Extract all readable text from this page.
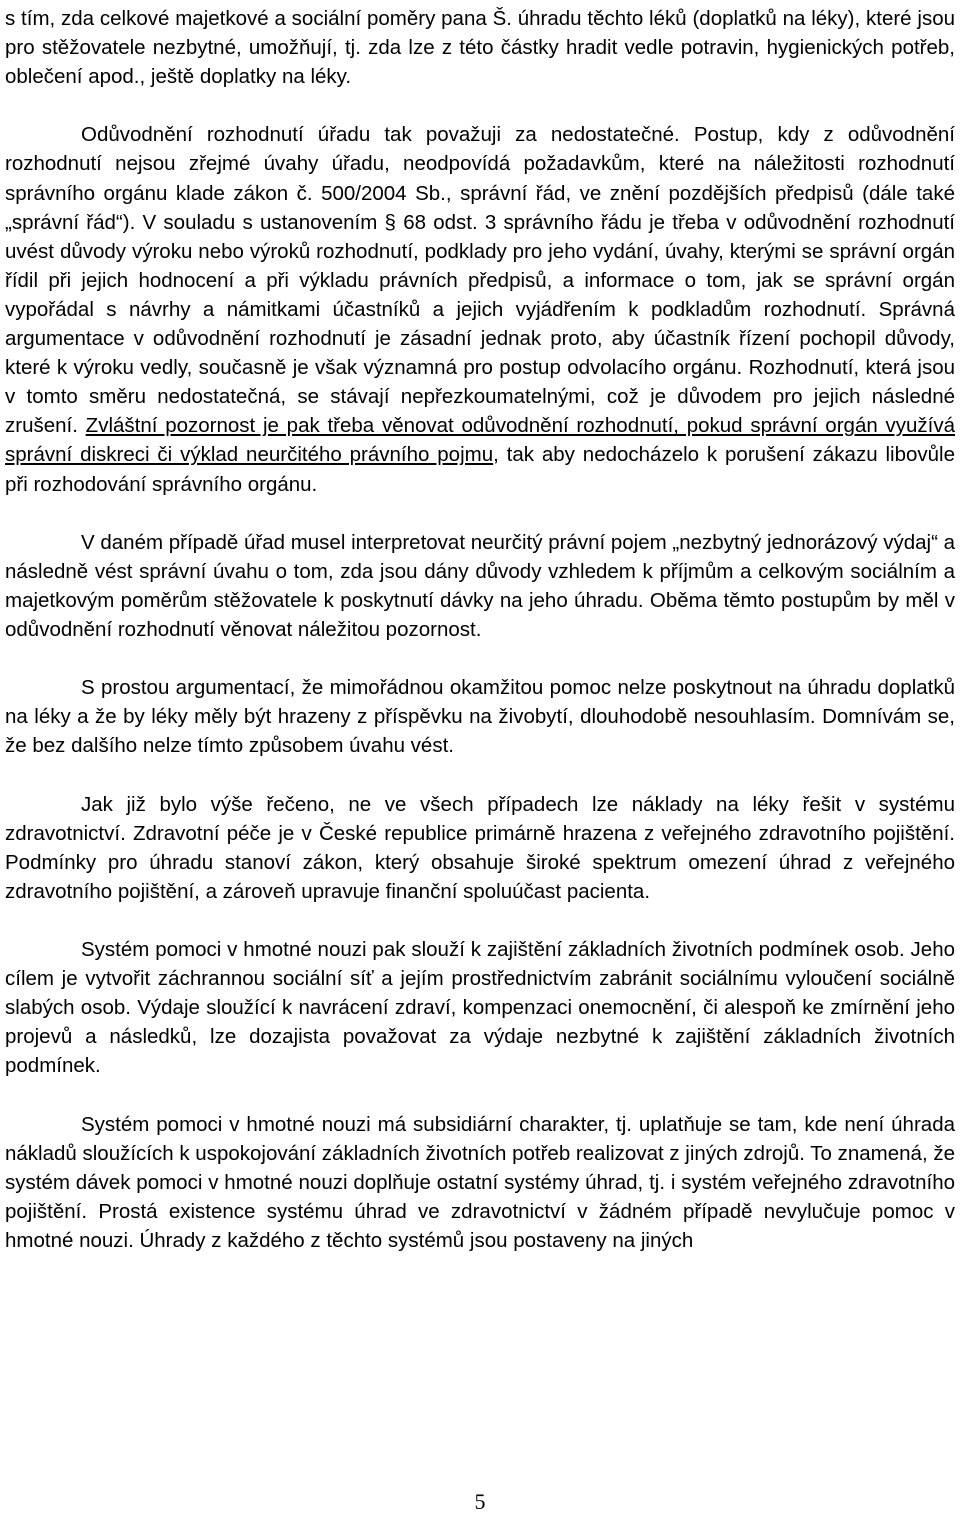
s tím, zda celkové majetkové a sociální poměry pana Š. úhradu těchto léků (doplatků na léky), které jsou pro stěžovatele nezbytné, umožňují, tj. zda lze z této částky hradit vedle potravin, hygienických potřeb, oblečení apod., ještě doplatky na léky.

Odůvodnění rozhodnutí úřadu tak považuji za nedostatečné. Postup, kdy z odůvodnění rozhodnutí nejsou zřejmé úvahy úřadu, neodpovídá požadavkům, které na náležitosti rozhodnutí správního orgánu klade zákon č. 500/2004 Sb., správní řád, ve znění pozdějších předpisů (dále také „správní řád“). V souladu s ustanovením § 68 odst. 3 správního řádu je třeba v odůvodnění rozhodnutí uvést důvody výroku nebo výroků rozhodnutí, podklady pro jeho vydání, úvahy, kterými se správní orgán řídil při jejich hodnocení a při výkladu právních předpisů, a informace o tom, jak se správní orgán vypořádal s návrhy a námitkami účastníků a jejich vyjádřením k podkladům rozhodnutí. Správná argumentace v odůvodnění rozhodnutí je zásadní jednak proto, aby účastník řízení pochopil důvody, které k výroku vedly, současně je však významná pro postup odvolacího orgánu. Rozhodnutí, která jsou v tomto směru nedostatečná, se stávají nepřezkoumatelnými, což je důvodem pro jejich následné zrušení. Zvláštní pozornost je pak třeba věnovat odůvodnění rozhodnutí, pokud správní orgán využívá správní diskreci či výklad neurčitého právního pojmu, tak aby nedocházelo k porušení zákazu libovůle při rozhodování správního orgánu.

V daném případě úřad musel interpretovat neurčitý právní pojem „nezbytný jednorázový výdaj“ a následně vést správní úvahu o tom, zda jsou dány důvody vzhledem k příjmům a celkovým sociálním a majetkovým poměrům stěžovatele k poskytnutí dávky na jeho úhradu. Oběma těmto postupům by měl v odůvodnění rozhodnutí věnovat náležitou pozornost.

S prostou argumentací, že mimořádnou okamžitou pomoc nelze poskytnout na úhradu doplatků na léky a že by léky měly být hrazeny z příspěvku na živobytí, dlouhodobě nesouhlasím. Domnívám se, že bez dalšího nelze tímto způsobem úvahu vést.

Jak již bylo výše řečeno, ne ve všech případech lze náklady na léky řešit v systému zdravotnictví. Zdravotní péče je v České republice primárně hrazena z veřejného zdravotního pojištění. Podmínky pro úhradu stanoví zákon, který obsahuje široké spektrum omezení úhrad z veřejného zdravotního pojištění, a zároveň upravuje finanční spoluúčast pacienta.

Systém pomoci v hmotné nouzi pak slouží k zajištění základních životních podmínek osob. Jeho cílem je vytvořit záchrannou sociální síť a jejím prostřednictvím zabránit sociálnímu vyloučení sociálně slabých osob. Výdaje sloužící k navrácení zdraví, kompenzaci onemocnění, či alespoň ke zmírnění jeho projevů a následků, lze dozajista považovat za výdaje nezbytné k zajištění základních životních podmínek.

Systém pomoci v hmotné nouzi má subsidiární charakter, tj. uplatňuje se tam, kde není úhrada nákladů sloužících k uspokojování základních životních potřeb realizovat z jiných zdrojů. To znamená, že systém dávek pomoci v hmotné nouzi doplňuje ostatní systémy úhrad, tj. i systém veřejného zdravotního pojištění. Prostá existence systému úhrad ve zdravotnictví v žádném případě nevylučuje pomoc v hmotné nouzi. Úhrady z každého z těchto systémů jsou postaveny na jiných

5
